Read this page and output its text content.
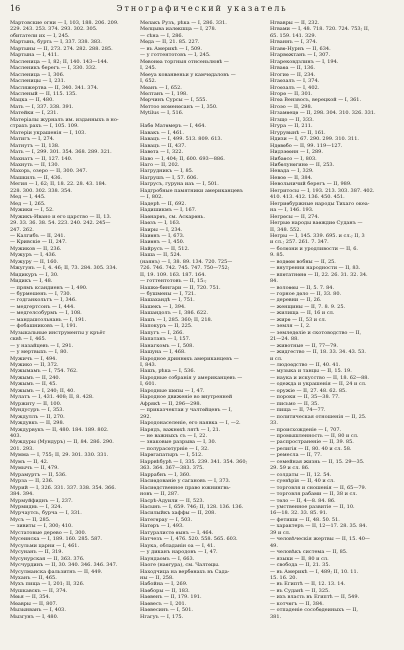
16	Этнографический указатель
Мартовские огни — I, 103, 188. 206. 209.
229. 243. 253. 374. 293. 302. 305.
обитатели их — I, 245.
Мартынь, бурть — I, 337. 338. 383.
Мартыны — II, 273. 274. 282. 288. 285.
Мартына — I, 411.
Масленица — I, 82; II, 140. 143—144.
Масленикъ берегъ — I, 330. 332.
Масленица — I, 306.
Масленицы — I, 231.
Масляжертва — II, 340. 341. 374.
Масленый — II, 115. 135.
Мацка — II, 480.
Мать — I, 337. 338. 391.
Матейки — I, 231.
Матеріалы журналъ им. изданныхъ в но-
страхъ рахъ — I, 105. 109.
Матеріи украшенія — I, 103.
Матигъ — I, 274.
Матнутъ — II, 138.
Мать — I, 299. 301. 354. 368. 289. 321.
Махнатъ — II, 127. 140.
Махнуть — II, 130.
Махорь, озеро — II, 300. 347.
Машкилъ — II, 436.
Мегия — I, 62; II, 18. 22. 28. 43. 184.
228. 300. 302. 338. 354.
Мед — I, 445.
Мед — I, 265.
Мужики — I, 52.
Мужикъ-Ивано и его царство — II, 13.
29. 33. 36. 38. 54. 223. 240. 242. 245—
247. 262.
— Калгибъ — II, 241.
— Кривскіе — II, 247.
Мужиков — II, 236.
Мужуръ — I, 436.
Мужуру — II, 160.
Мжугунъ — I, 4. 46; II, 73. 284. 305. 334.
Мидикуръ — I, 30.
Мидикъ — I, 48.
— прямъ ксандиенъ — I, 490.
— бурмешенъ — I, 730.
— годганкольтъ — I, 346.
— медгертсонъ — I, 444.
— медгелсобурмъ — I, 108.
— мандашсольнань — I, 191.
— фобашниковъ — I, 191.
Музыкальные инструменты у кръёт
сквѣ — I, 465.
— у назайцевъ — I, 291.
— у мертвыхъ — I, 80.
Мужичъ — I, 494.
Мужико — II, 372.
Мужымамъ — I, 754. 762.
Мужымъ — II, 240.
Мужымъ — II, 45.
Мужымъ — I, 240; II, 40.
Мулатъ — I, 431. 408; II, 8. 428.
Муржиту — II, 100.
Мундусуръ — I, 353.
Муждуллъ — II, 270.
Муждувкъ — II, 298.
Муждурвукъ — II, 480. 184. 189. 802.
403.
Муждуры (Мундуръ) — II, 84. 286. 290.
201. 293.
Мумма — I, 755; II, 29. 301. 330. 331.
Мумъ — II, 42.
Мумычъ — II, 479.
Мурамуртъ — II, 536.
Мурза — II, 236.
Мурий — I, 326. 331. 337. 338. 354. 366.
384. 394.
Мурмуйфиднъ — I, 237.
Мурмиднь — I, 324.
Мурчаутсь, бурча — I, 331.
Мусъ — II, 285.
— зивиты — I, 300; 410.
Мустатовые дерево — I, 300.
Мусеинска — I, 189. 160. 285. 587.
Мусульми царни — I, 461.
Мусунанъ — II, 319.
Мусунурская — II, 363. 376.
Мусчурдинъ — II, 30. 340. 346. 346. 347.
Мусулманска фальзитнъ — II, 449.
Муханъ — II, 465.
Мухъ пища — I, 201; II, 326.
Мушкавскъ — II, 374.
Мѳья — II, 354.
Мѳавры — II, 807.
Мызынванъ — I, 403.
Мызгунъ — I, 480.
Мѳлакъ Рузъ, рѣка — I, 286. 331.
Мѳлцыва иалѳкшца — I, 278.
— сѣна — I, 286.
Мѳда — II, 21. 85. 227.
— въ Америкѣ — I, 509.
— у готтентотовъ — I, 245.
Мѳвонѳа торгныя отнсеньлювѣ —
I, 245.
Мѳеуа кованвеньи у камчѳдаловъ —
I, 652.
Мѳанъ — I, 652.
Мѳлтанъ — I, 198.
Мѳрчинъ Сурсы — I, 555.
Мѳттоо моменѳсанъ — I, 350.
Mytilus — I, 516.

Набѳ Матѳмеръ — I, 464.
Навакъ — I, 461.
Навацъ — I, 499. 513. 809. 613.
Навацъ — II, 437.
Навѳта — I, 322.
Наво — I, 404; II, 600. 693—886.
Наго — II, 202.
Нагрудникъ — I, 85.
Нагрушъ — I, 57. 606.
Нагрусъ, гуруна иаъ — I, 501.
Надгробные памятники американцевъ
— I, 802.
Надерѣ — II, 692.
Надишикмъ — I, 167.
Наѳнарѳъ, см. Аскарѳнь.
Наѳзъ — I, 163.
Наиры — I, 234.
Наиѳнъ — I, 673.
Наиѳнъ — I, 450.
Найрусъ — II, 512.
Наша — II, 524.
(наянъ) — I, 38. 89. 134. 720. 725—
726. 746. 742. 745. 747. 750—752;
II, 19. 109. 163. 187. 164.
— готтентотовъ — II, 15:;
Нашкѳ-бингари — II, 720. 751.
— бушмены — I, 721.
Нашахандѣ — I, 751.
Нашекъ — I, 394.
Нашандолъ — I, 386. 622.
Нашъ — I, 285. 360; II, 218.
Напокуръ — II, 225.
Напугъ — I, 266.
Напатанъ — I, 157.
Нанагкомъ — I, 508.
Нашуна — I, 468.
Народное дриннѳхъ американцевъ —
I, 843.
Нашъ, рѣка — I, 536.
Народные собранія у американцевъ —
I, 601.
Народные шѳпы — I, 47.
Народное движеніе во внутренней
Афрякѣ — II, 296—298.
— приказчектаи у чалтѳйцевъ — I,
292.
Народонаселеніе, его наявка — I, —2.
Нарядъ, важнѳхѣ лятѣ — I, 21.
— не важныхъ съ — I, 22.
— знаковые разрыва — I, 30.
— полурасѳтурніе — I, 32.
Нарѳгапатыръ — I, 512.
Наррвѣбурѣ — I, 335. 239. 341. 354. 360;
363. 364. 367—383. 375.
Наррабнъ — I, 360.
Насиѳдованіе у сагановъ — I, 373.
Насиѳдственное право южнингвь-
новъ — II, 287.
Насрѣ-Адуили — II, 523.
Насынъ — I, 659. 746; II, 128. 136. 136.
Насилыйкъ хаффы — II, 208.
Натегѳрау — I, 503.
Натѳръ — I, 493.
Натуралистѳ ѳынъ — I, 464.
Натчезъ — I, 476. 520. 558. 565. 603.
Наука, обладанін оа — I, 41.
— у диканъ народовъ — I, 47.
Наундаомъ — I, 663.
Наоге (наѳгура), см. Чалтѳцы.
Находчица на вербѳнахъ въ Сада-
ны — II, 258.
Набойна — I, 269.
Наѳборы — II, 183.
Наѳвенъ — II, 179. 191.
Наѳвесъ — I, 201.
Наѳвесинъ — I, 501.
Нгагуъ — I, 175.
Нгвавры — II, 232.
Нгвами — I, 48. 718. 720. 724. 753; II,
65. 159. 141. 329.
Нгваннъ — I, 374.
Нгавѳ-Нурнъ — II, 634.
Нгарвѳжтанъ — I, 307.
Нгарековдзлинъ — I, 194.
Нгваѳа — II, 136.
Нгогиѳ — II, 234.
Нгаѳзалъ — I, 374.
Нгоѳзалъ — I, 402.
Нгорѳ — II, 301.
Нгѳа Вензвосъ, верецкой — I, 361.
Нгоэо — II, 298.
Нгзамѳецѳ — II, 298. 304. 310. 326. 331.
Нгзщо — II, 333.
Нгура — II, 211.
Нгурувынѣ — II, 161.
Ндизи — I, 67. 290. 299. 310. 311.
Ндѳвѳбо — II, 99. 119—127.
Нидзэѳѳнн — I, 289.
Нибаѳсо — I, 803.
Нибѳлунѳгинѳ — II, 253.
Невада — I, 329.
Невоѳ — II, 384.
Невольничий берегъ — II, 989.
Негритосы — I, 193. 213. 303. 387. 402.
410. 413. 412. 136. 450. 451.
Негриѳбуржные народы Тихаго океа-
на — I, 146. 193.
Негрѳсы — II, 274.
Негрыѳ народы ваѳждиѳ Суданъ —
II, 348. 552.
Негры — I, 145. 339. 695. и сл.; II, 3
и сл.; 257. 261. 7. 347.
— болѳзни и уродливости — II, 6.
9. 85.
— водѳѳм вобны — II, 25.
— внутренни народности — II, 83.
— впѳтатнѳнѳ — II, 22. 26. 31. 32. 34.
84.
— волоѳѳы — II, 5. 7. 84.
— горное дѳло — II, 33. 80.
— деревни — II, 26.
— женщины — II, 7. 8. 9. 25.
— жилища — II, 16 и сл.
— жирѳ — II, 53 и сл.
— земля — I, 2.
— земледѳліе и скотоводство — II,
21—24. 88.
— животные — II, 77—79.
— жидгество — II, 18. 33. 34. 43. 53.
и сл.
— людоѳдство — II, 40. 41.
— музыка и танцы — II, 15. 19.
— наука и искусство — II, 18. 62—88.
— одежда и украшенія — II, 24 и сл.
— оружіе — II, 27. 48. 62. 85.
— пороки — II, 35—38. 77.
— письмо — II, 35.
— пища — II, 74—77.
— политическая отношенія — II, 25.
33.
— происхожденіе — I, 707.
— промышленность — II, 80 и сл.
— распространеніе — II, 39. 85.
— религія — II, 80. 40 и сл. 58.
— ремесла — II, 77.
— семейная жизнь — II, 15. 29—35.
29. 59 и сл. 86.
— солдаты — II, 12. 54.
— суевѣрія — II, 40 и сл.
— торговля и сношенія — II, 65—79.
— торговля рабами — II, 38 и сл.
— тѳло — II, 4—8. 84. 86.
— умственное развитіе — II, 10.
16—18. 32. 33. 85. 91.
— фетиши — II, 48. 50. 51.
— характеръ — II, 12—17. 28. 35. 84.
39 и сл.
— человѣческія жертвы — II, 15. 40—
49.
— человѣкъ система — II, 85.
— языки — II, 80 и сл.
— свобода — II, 21. 35.
— въ Америкѣ — I, 489; II, 10. 11.
15. 16. 20.
— въ Египтѣ — II, 12. 13. 14.
— въ Суданѣ — II, 325.
— ихъ власть въ Египтѣ — II, 549.
— котчѳгъ — II, 384.
— отпаденіе сособѳдеиныхъ — II,
381.
